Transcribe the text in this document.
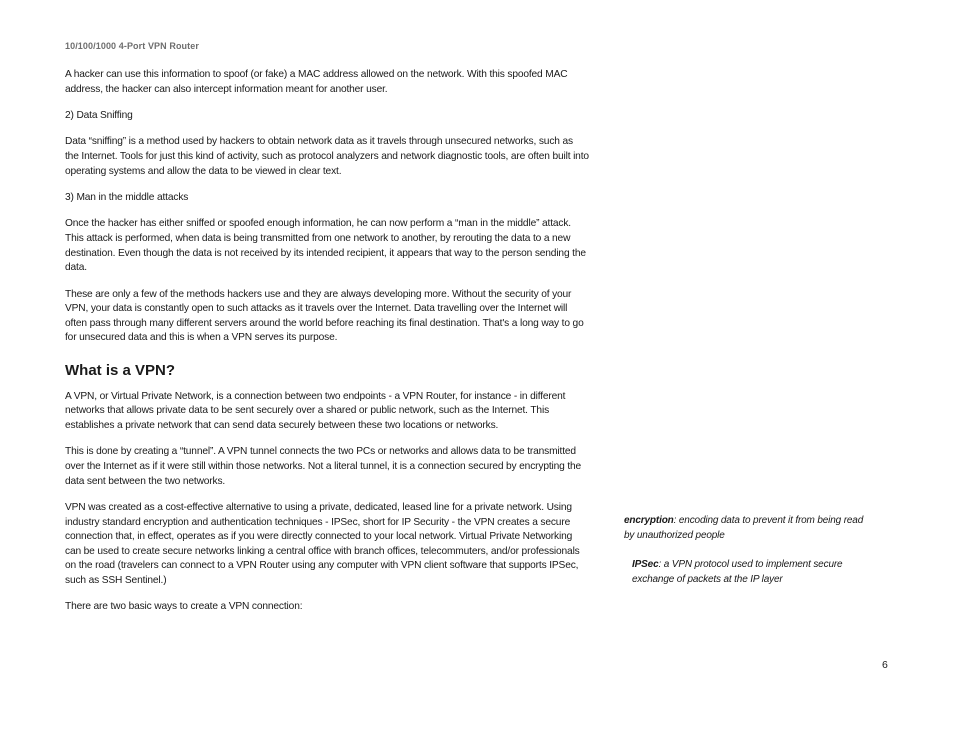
10/100/1000 4-Port VPN Router

A hacker can use this information to spoof (or fake) a MAC address allowed on the network. With this spoofed MAC address, the hacker can also intercept information meant for another user.

2) Data Sniffing

Data “sniffing” is a method used by hackers to obtain network data as it travels through unsecured networks, such as the Internet. Tools for just this kind of activity, such as protocol analyzers and network diagnostic tools, are often built into operating systems and allow the data to be viewed in clear text.

3) Man in the middle attacks

Once the hacker has either sniffed or spoofed enough information, he can now perform a “man in the middle” attack. This attack is performed, when data is being transmitted from one network to another, by rerouting the data to a new destination. Even though the data is not received by its intended recipient, it appears that way to the person sending the data.

These are only a few of the methods hackers use and they are always developing more. Without the security of your VPN, your data is constantly open to such attacks as it travels over the Internet. Data travelling over the Internet will often pass through many different servers around the world before reaching its final destination. That's a long way to go for unsecured data and this is when a VPN serves its purpose.

What is a VPN?

A VPN, or Virtual Private Network, is a connection between two endpoints - a VPN Router, for instance - in different networks that allows private data to be sent securely over a shared or public network, such as the Internet. This establishes a private network that can send data securely between these two locations or networks.

This is done by creating a “tunnel”. A VPN tunnel connects the two PCs or networks and allows data to be transmitted over the Internet as if it were still within those networks. Not a literal tunnel, it is a connection secured by encrypting the data sent between the two networks.

VPN was created as a cost-effective alternative to using a private, dedicated, leased line for a private network. Using industry standard encryption and authentication techniques - IPSec, short for IP Security - the VPN creates a secure connection that, in effect, operates as if you were directly connected to your local network. Virtual Private Networking can be used to create secure networks linking a central office with branch offices, telecommuters, and/or professionals on the road (travelers can connect to a VPN Router using any computer with VPN client software that supports IPSec, such as SSH Sentinel.)

There are two basic ways to create a VPN connection:

encryption: encoding data to prevent it from being read by unauthorized people

IPSec: a VPN protocol used to implement secure exchange of packets at the IP layer

6
